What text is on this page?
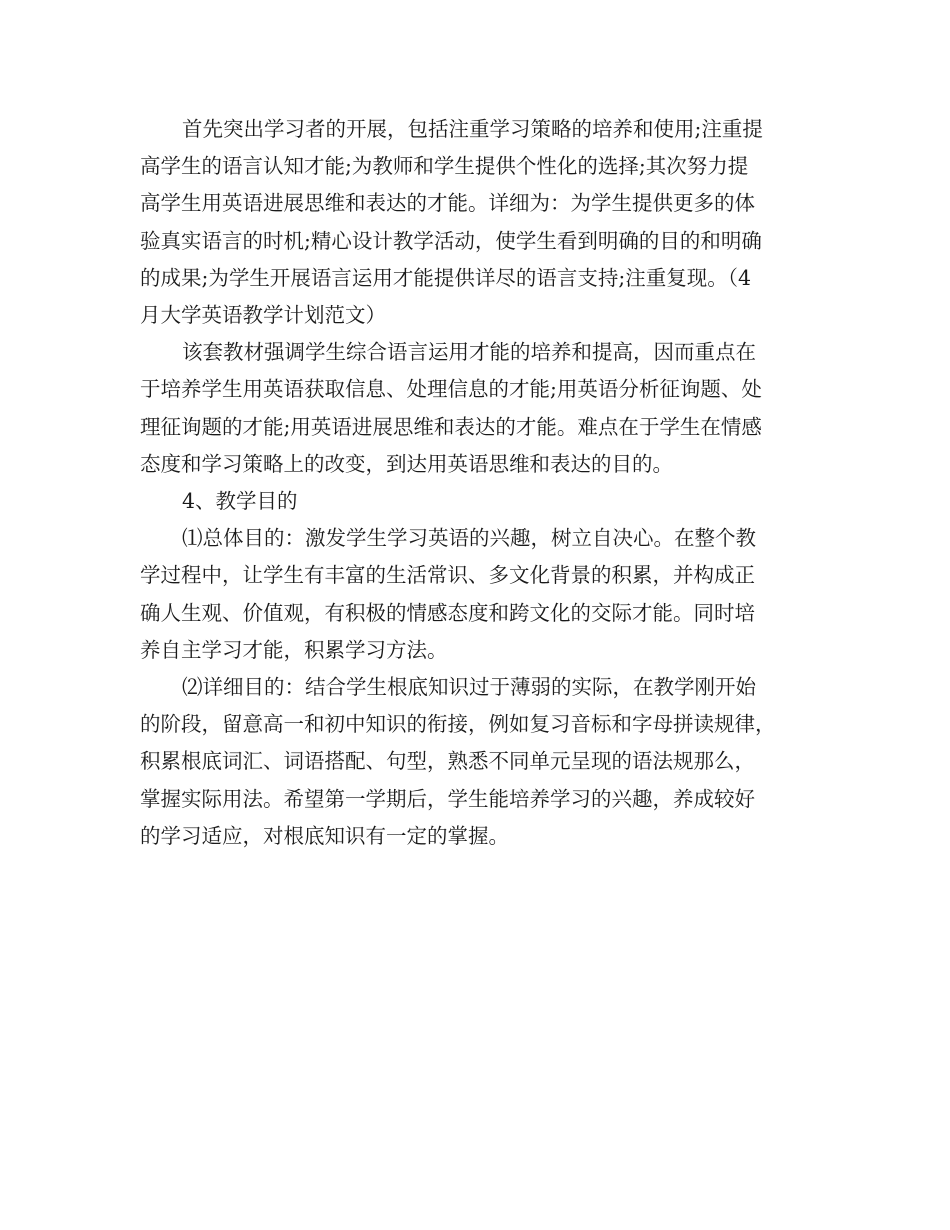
首先突出学习者的开展，包括注重学习策略的培养和使用;注重提
高学生的语言认知才能;为教师和学生提供个性化的选择;其次努力提
高学生用英语进展思维和表达的才能。详细为：为学生提供更多的体
验真实语言的时机;精心设计教学活动，使学生看到明确的目的和明确
的成果;为学生开展语言运用才能提供详尽的语言支持;注重复现。（4
月大学英语教学计划范文）

该套教材强调学生综合语言运用才能的培养和提高，因而重点在
于培养学生用英语获取信息、处理信息的才能;用英语分析征询题、处
理征询题的才能;用英语进展思维和表达的才能。难点在于学生在情感
态度和学习策略上的改变，到达用英语思维和表达的目的。

4、教学目的

⑴总体目的：激发学生学习英语的兴趣，树立自决心。在整个教
学过程中，让学生有丰富的生活常识、多文化背景的积累，并构成正
确人生观、价值观，有积极的情感态度和跨文化的交际才能。同时培
养自主学习才能，积累学习方法。

⑵详细目的：结合学生根底知识过于薄弱的实际，在教学刚开始
的阶段，留意高一和初中知识的衔接，例如复习音标和字母拼读规律，
积累根底词汇、词语搭配、句型，熟悉不同单元呈现的语法规那么，
掌握实际用法。希望第一学期后，学生能培养学习的兴趣，养成较好
的学习适应，对根底知识有一定的掌握。
